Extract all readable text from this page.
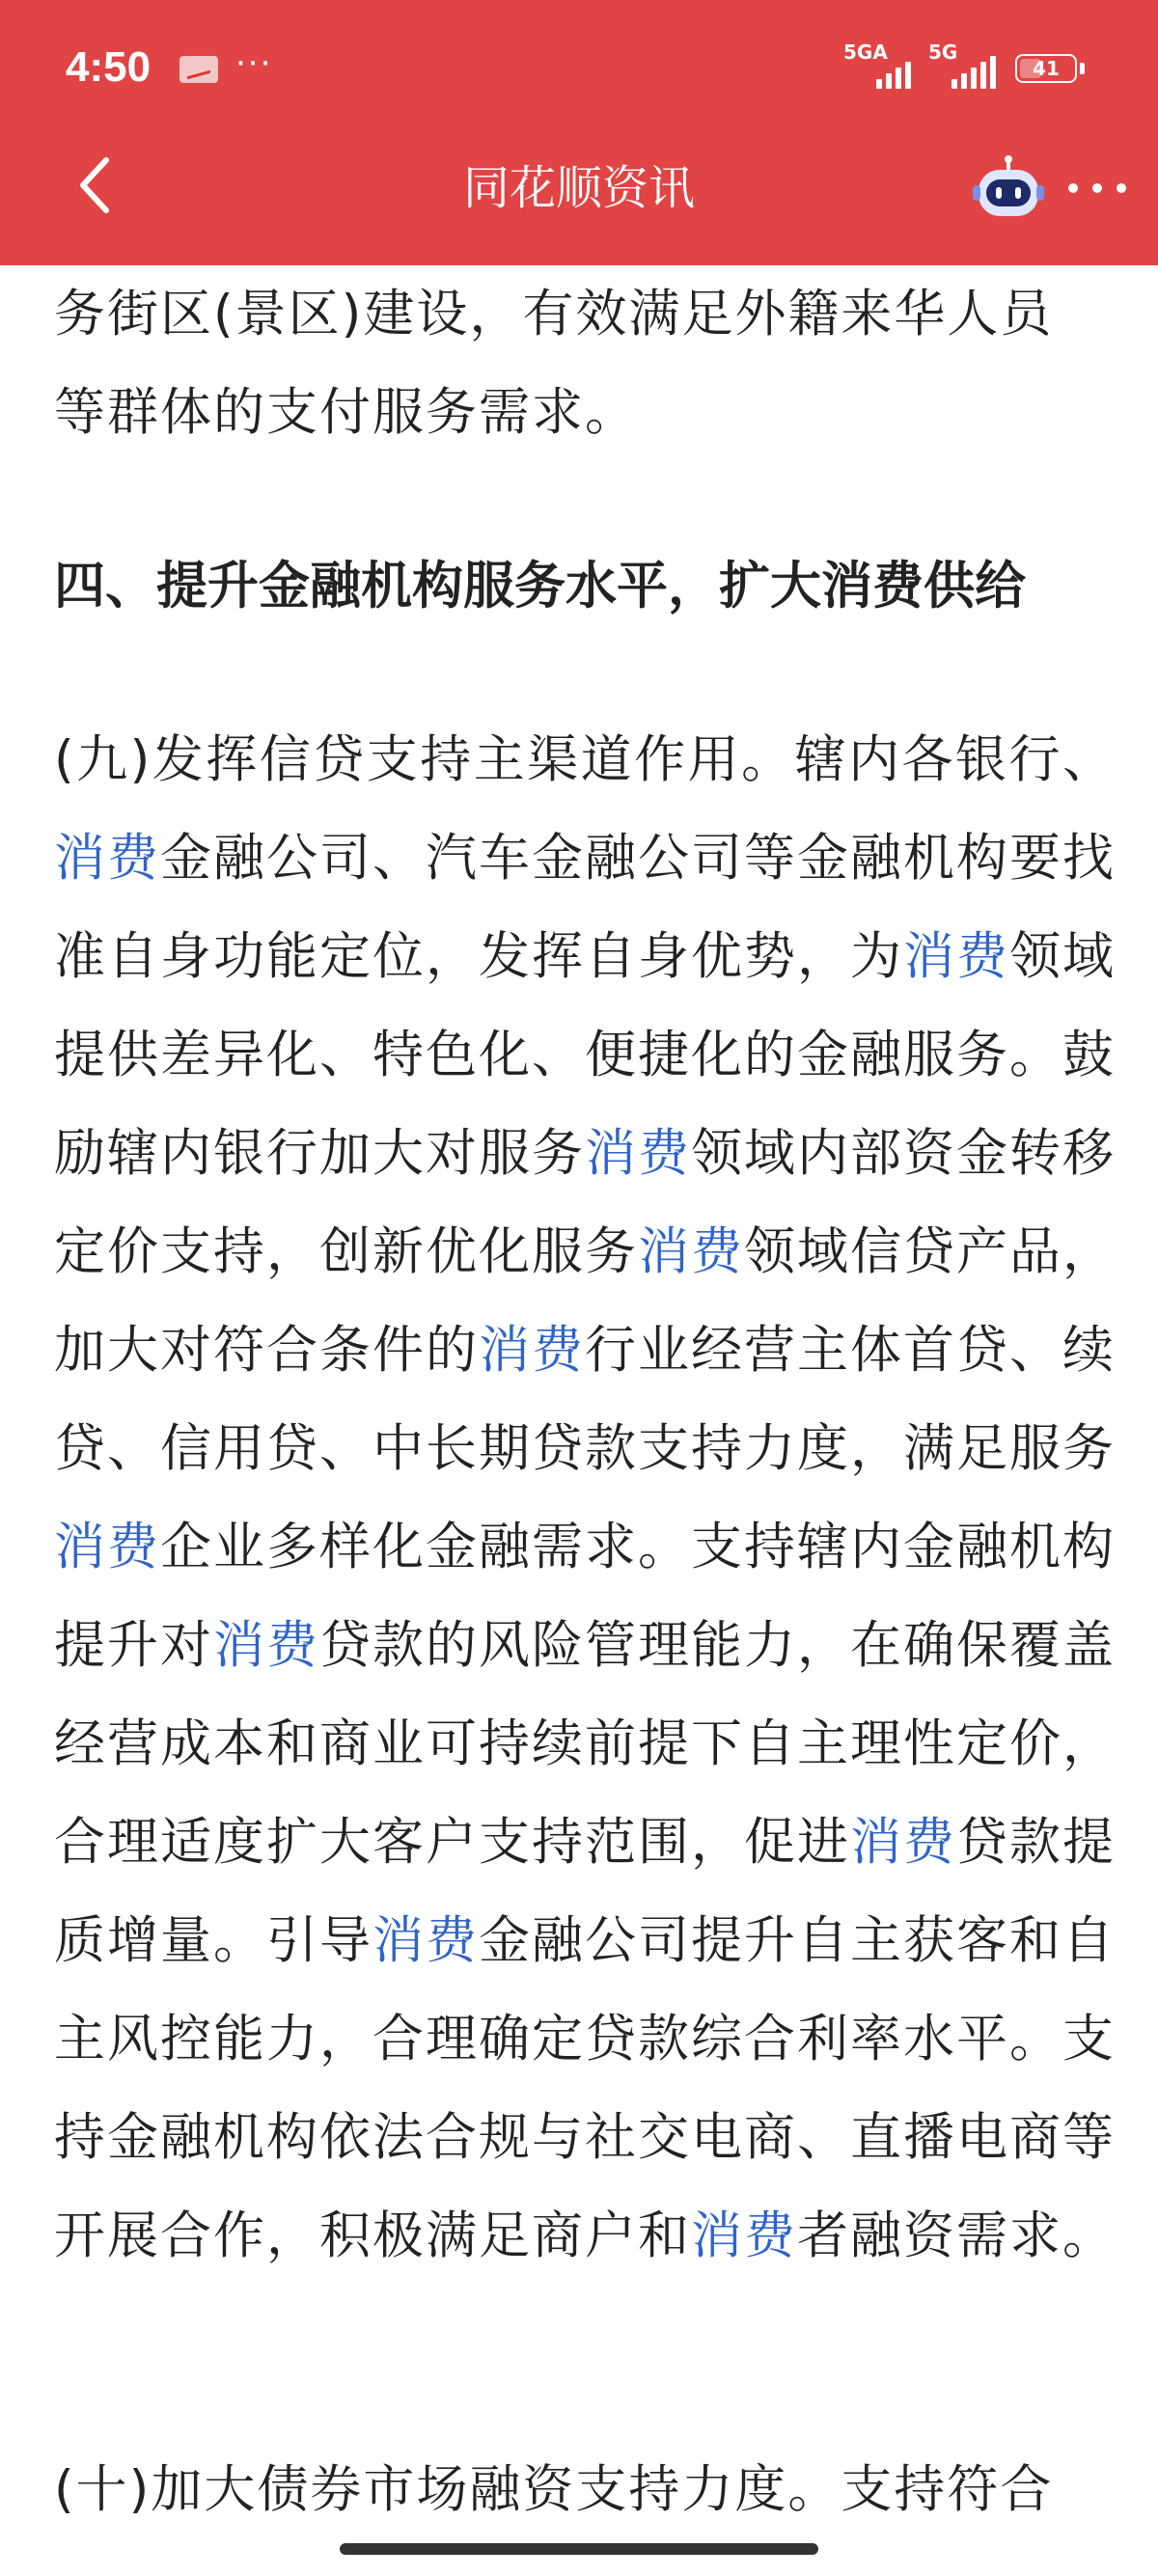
4:50	···	5GA 5G
41
同花顺资讯

务街区(景区)建设，有效满足外籍来华人员

等群体的支付服务需求。

四、提升金融机构服务水平，扩大消费供给

(九)发挥信贷支持主渠道作用。辖内各银行、消费金融公司、汽车金融公司等金融机构要找准自身功能定位，发挥自身优势，为消费领域提供差异化、特色化、便捷化的金融服务。鼓励辖内银行加大对服务消费领域内部资金转移定价支持，创新优化服务消费领域信贷产品，加大对符合条件的消费行业经营主体首贷、续贷、信用贷、中长期贷款支持力度，满足服务消费企业多样化金融需求。支持辖内金融机构提升对消费贷款的风险管理能力，在确保覆盖经营成本和商业可持续前提下自主理性定价，合理适度扩大客户支持范围，促进消费贷款提质增量。引导消费金融公司提升自主获客和自主风控能力，合理确定贷款综合利率水平。支持金融机构依法合规与社交电商、直播电商等开展合作，积极满足商户和消费者融资需求。

(十)加大债券市场融资支持力度。支持符合
